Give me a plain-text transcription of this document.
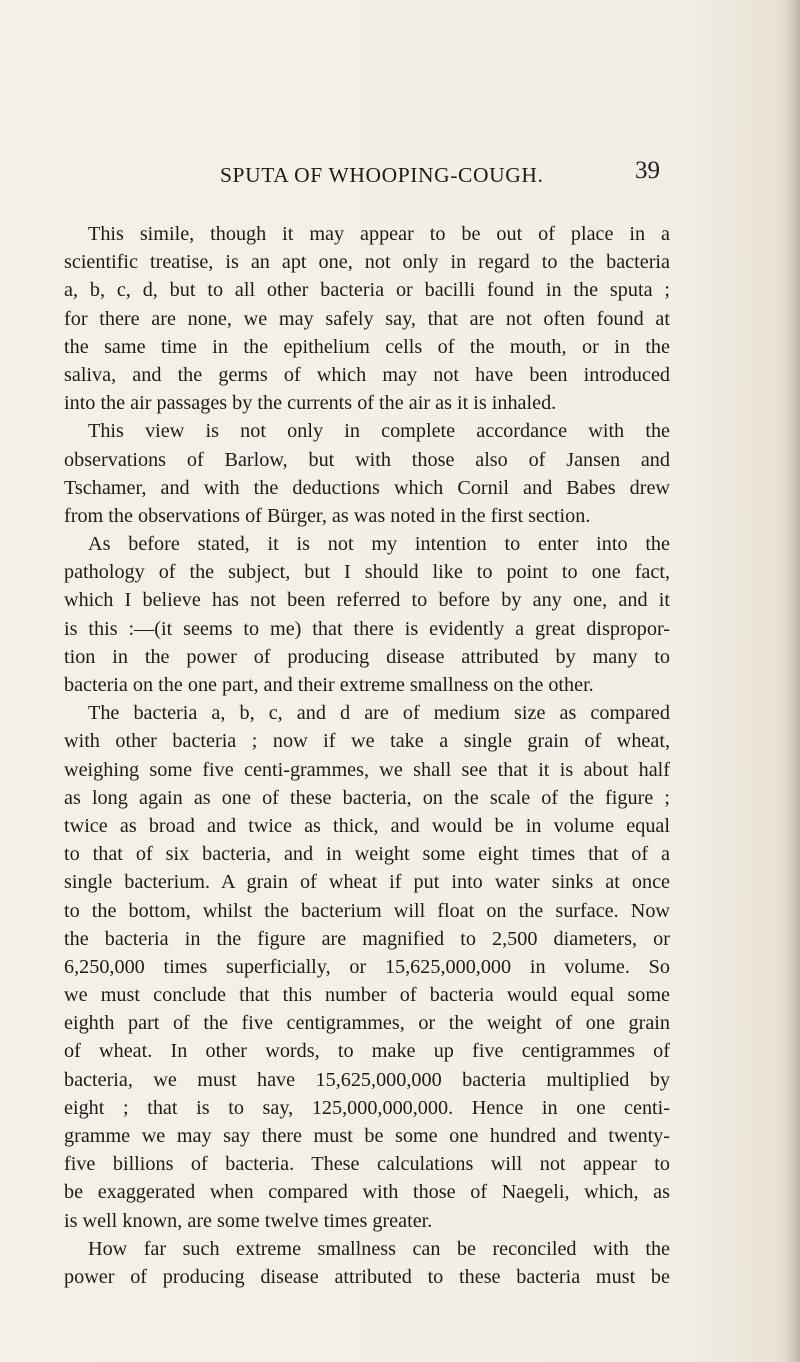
SPUTA OF WHOOPING-COUGH.	39
This simile, though it may appear to be out of place in a
scientific treatise, is an apt one, not only in regard to the bacteria
a, b, c, d, but to all other bacteria or bacilli found in the sputa ;
for there are none, we may safely say, that are not often found at
the same time in the epithelium cells of the mouth, or in the
saliva, and the germs of which may not have been introduced
into the air passages by the currents of the air as it is inhaled.
This view is not only in complete accordance with the
observations of Barlow, but with those also of Jansen and
Tschamer, and with the deductions which Cornil and Babes drew
from the observations of Bürger, as was noted in the first section.
As before stated, it is not my intention to enter into the
pathology of the subject, but I should like to point to one fact,
which I believe has not been referred to before by any one, and it
is this :—(it seems to me) that there is evidently a great dispropor-
tion in the power of producing disease attributed by many to
bacteria on the one part, and their extreme smallness on the other.
The bacteria a, b, c, and d are of medium size as compared
with other bacteria ; now if we take a single grain of wheat,
weighing some five centi-grammes, we shall see that it is about half
as long again as one of these bacteria, on the scale of the figure ;
twice as broad and twice as thick, and would be in volume equal
to that of six bacteria, and in weight some eight times that of a
single bacterium. A grain of wheat if put into water sinks at once
to the bottom, whilst the bacterium will float on the surface. Now
the bacteria in the figure are magnified to 2,500 diameters, or
6,250,000 times superficially, or 15,625,000,000 in volume. So
we must conclude that this number of bacteria would equal some
eighth part of the five centigrammes, or the weight of one grain
of wheat. In other words, to make up five centigrammes of
bacteria, we must have 15,625,000,000 bacteria multiplied by
eight ; that is to say, 125,000,000,000. Hence in one centi-
gramme we may say there must be some one hundred and twenty-
five billions of bacteria. These calculations will not appear to
be exaggerated when compared with those of Naegeli, which, as
is well known, are some twelve times greater.
How far such extreme smallness can be reconciled with the
power of producing disease attributed to these bacteria must be
